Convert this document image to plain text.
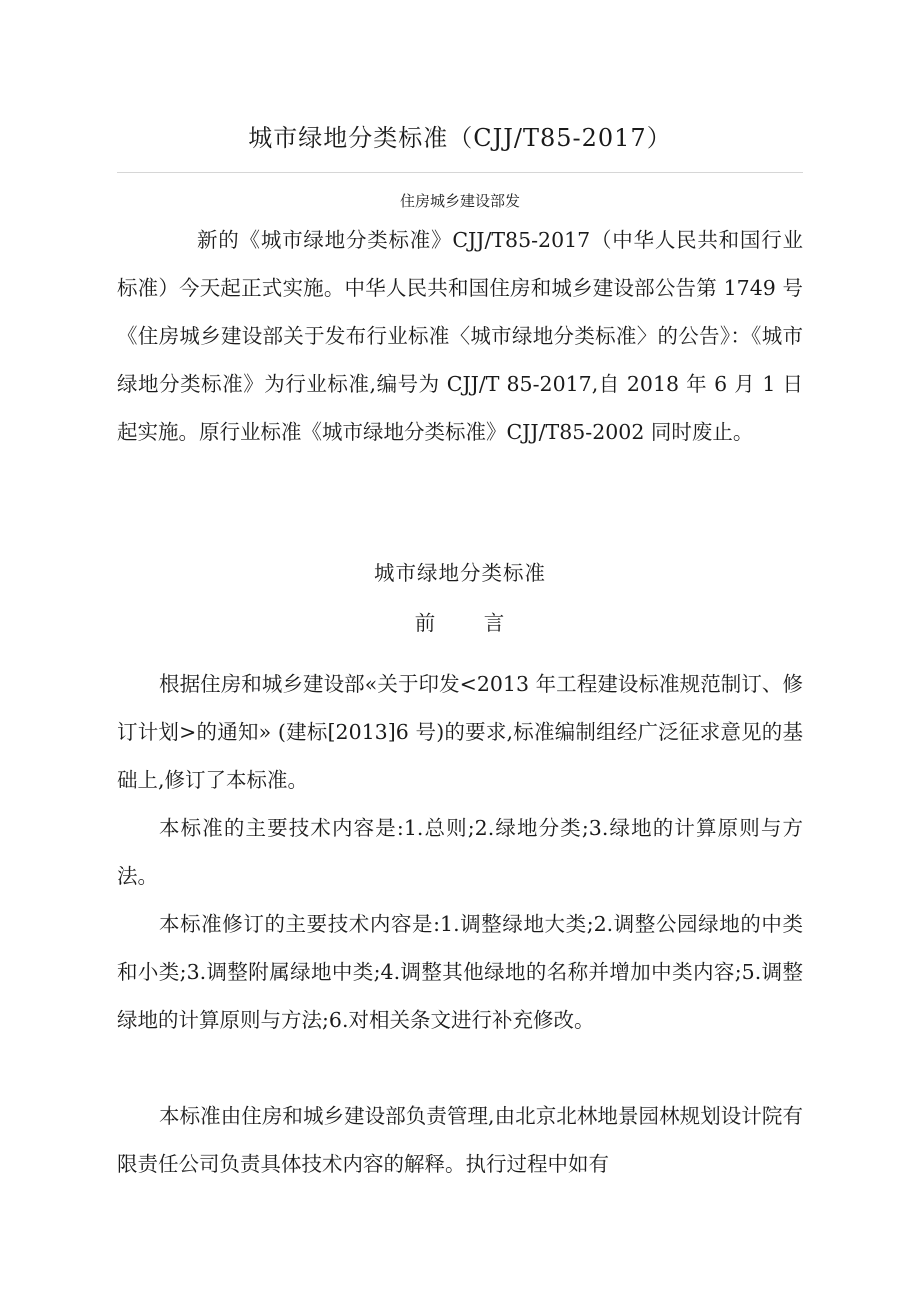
城市绿地分类标准（CJJ/T85-2017）
住房城乡建设部发
新的《城市绿地分类标准》CJJ/T85-2017（中华人民共和国行业标准）今天起正式实施。中华人民共和国住房和城乡建设部公告第 1749 号《住房城乡建设部关于发布行业标准〈城市绿地分类标准〉的公告》：《城市绿地分类标准》为行业标准,编号为 CJJ/T 85-2017,自 2018 年 6 月 1 日起实施。原行业标准《城市绿地分类标准》CJJ/T85-2002 同时废止。
城市绿地分类标准
前 言
根据住房和城乡建设部«关于印发<2013 年工程建设标准规范制订、修订计划>的通知» (建标[2013]6 号)的要求,标准编制组经广泛征求意见的基础上,修订了本标准。
本标准的主要技术内容是:1.总则;2.绿地分类;3.绿地的计算原则与方法。
本标准修订的主要技术内容是:1.调整绿地大类;2.调整公园绿地的中类和小类;3.调整附属绿地中类;4.调整其他绿地的名称并增加中类内容;5.调整绿地的计算原则与方法;6.对相关条文进行补充修改。
本标准由住房和城乡建设部负责管理,由北京北林地景园林规划设计院有限责任公司负责具体技术内容的解释。执行过程中如有
